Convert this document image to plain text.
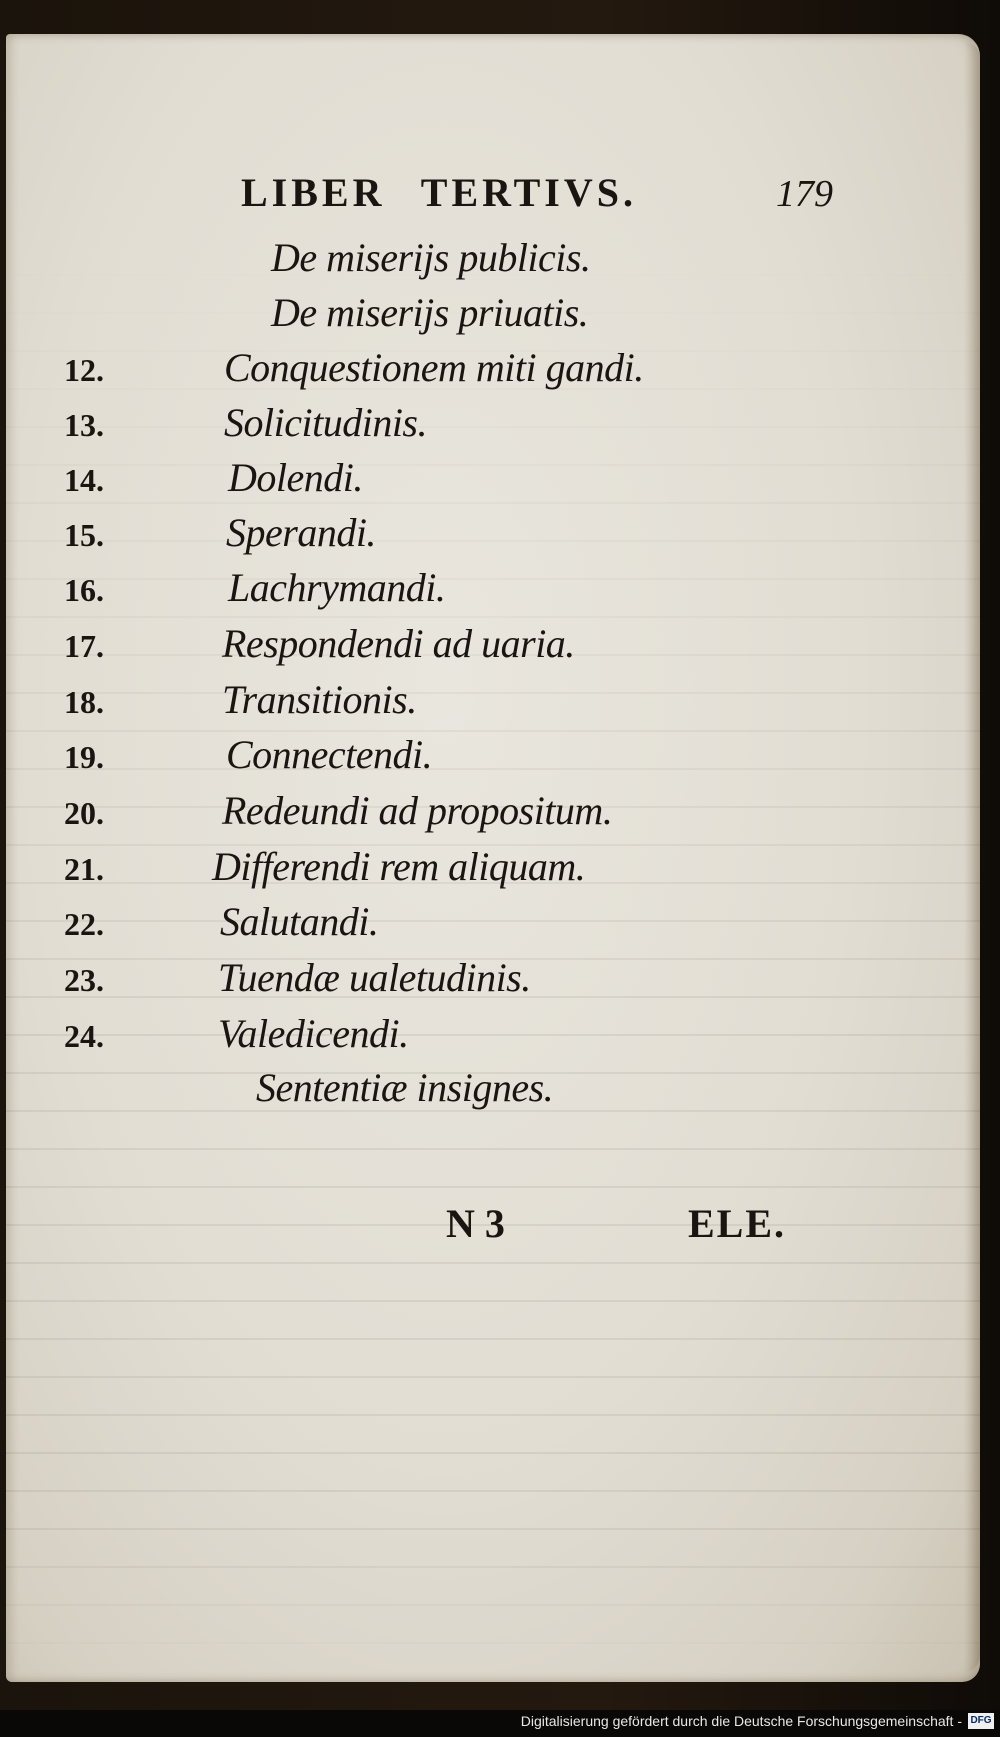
LIBER TERTIVS.	179
De miserijs publicis.
De miserijs priuatis.
12.	Conquestionem miti gandi.
13.	Solicitudinis.
14.	Dolendi.
15.	Sperandi.
16.	Lachrymandi.
17.	Respondendi ad uaria.
18.	Transitionis.
19.	Connectendi.
20.	Redeundi ad propositum.
21.	Differendi rem aliquam.
22.	Salutandi.
23.	Tuendæ ualetudinis.
24.	Valedicendi.
Sententiæ insignes.
N 3	ELE.
Digitalisierung gefördert durch die Deutsche Forschungsgemeinschaft - DFG
